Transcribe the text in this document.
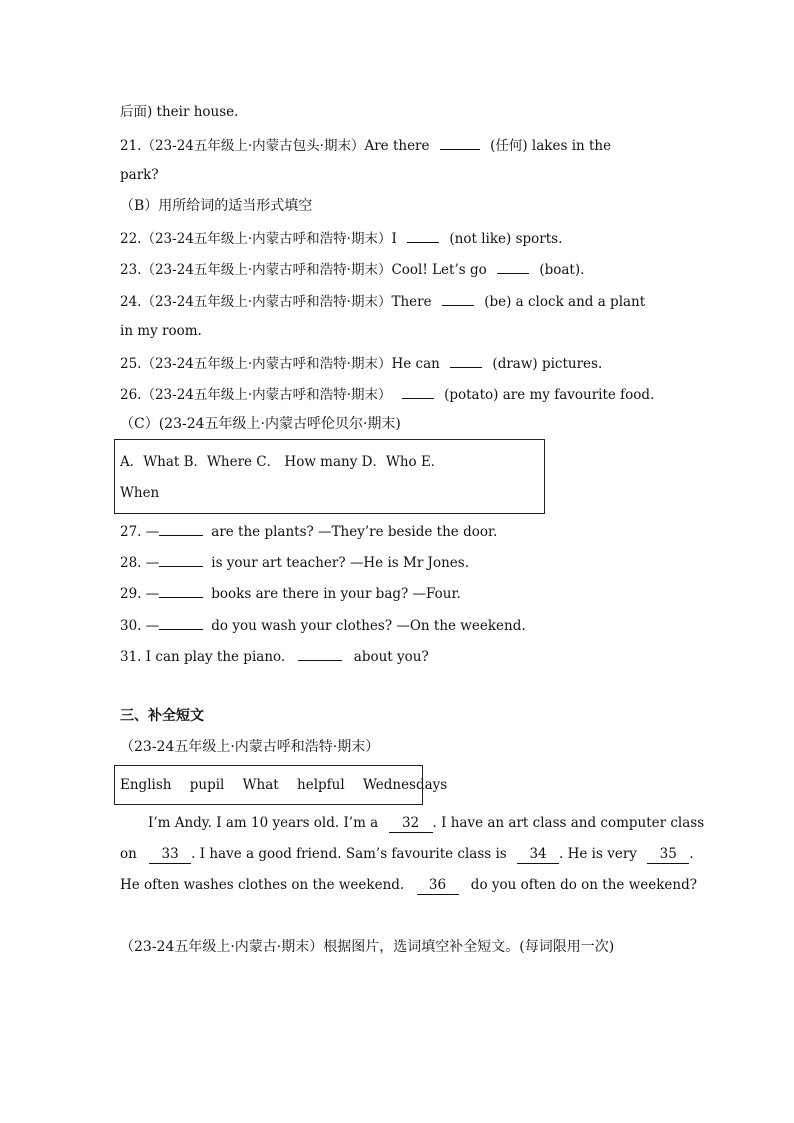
后面) their house.
21.（23-24五年级上·内蒙古包头·期末）Are there	(任何) lakes in the
park?
（B）用所给词的适当形式填空
22.（23-24五年级上·内蒙古呼和浩特·期末）I	(not like) sports.
23.（23-24五年级上·内蒙古呼和浩特·期末）Cool! Let’s go	(boat).
24.（23-24五年级上·内蒙古呼和浩特·期末）There	(be) a clock and a plant
in my room.
25.（23-24五年级上·内蒙古呼和浩特·期末）He can	(draw) pictures.
26.（23-24五年级上·内蒙古呼和浩特·期末）	(potato) are my favourite food.
（C）(23-24五年级上·内蒙古呼伦贝尔·期末)
A．What B．Where C． How many D．Who E．
When
27. —	are the plants? —They’re beside the door.
28. —	is your art teacher? —He is Mr Jones.
29. —	books are there in your bag? —Four.
30. —	do you wash your clothes? —On the weekend.
31. I can play the piano.	about you?
三、补全短文
（23-24五年级上·内蒙古呼和浩特·期末）
English pupil What helpful Wednesdays
I’m Andy. I am 10 years old. I’m a 32 . I have an art class and computer class
on 33 . I have a good friend. Sam’s favourite class is 34 . He is very 35 .
He often washes clothes on the weekend. 36 do you often do on the weekend?
（23-24五年级上·内蒙古·期末）根据图片，选词填空补全短文。(每词限用一次)
